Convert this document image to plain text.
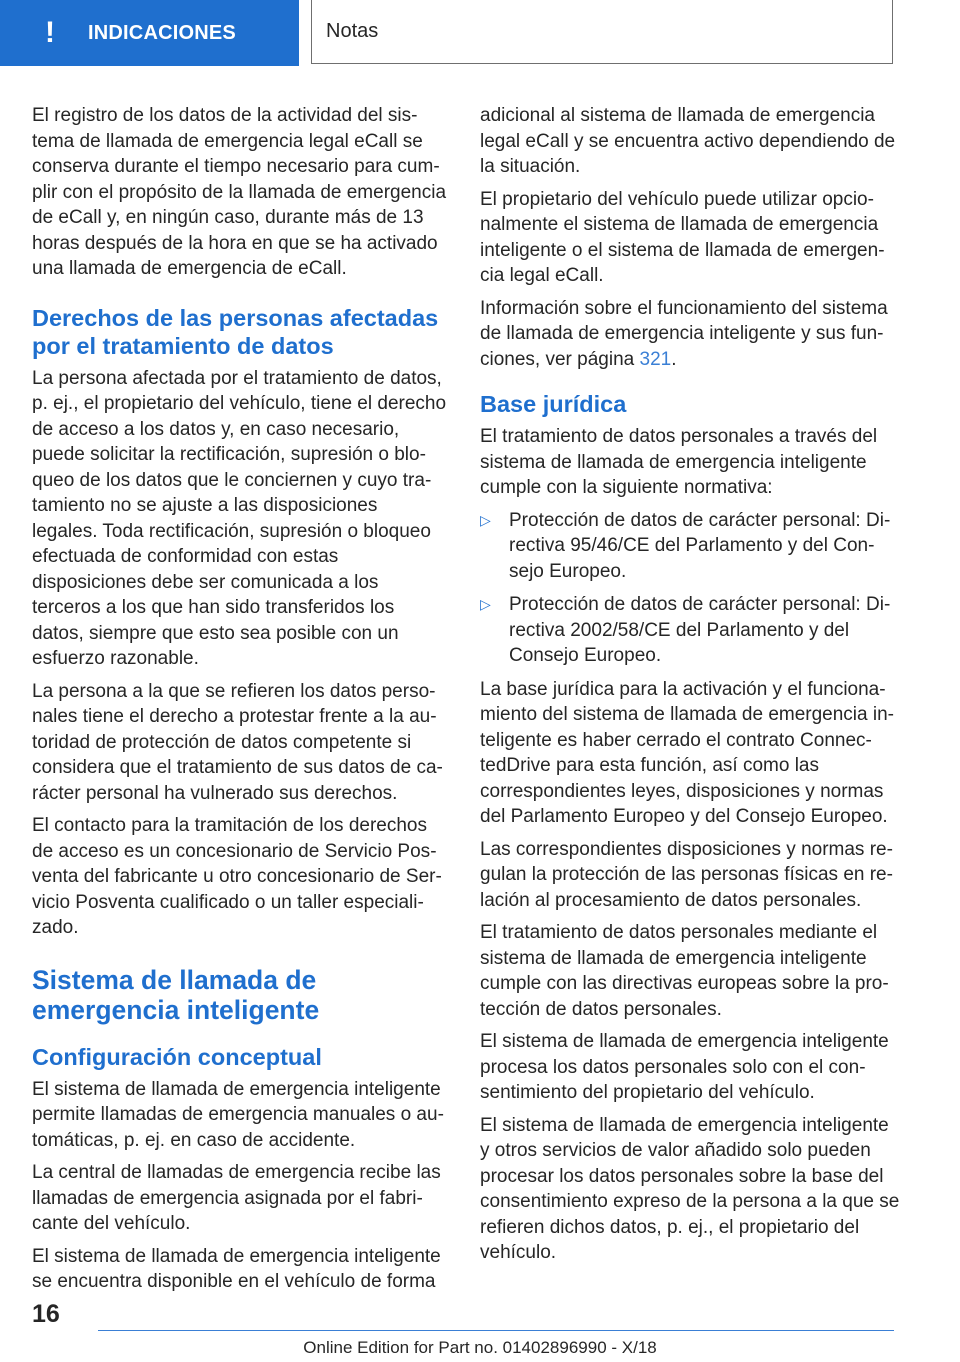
! INDICACIONES	Notas

El registro de los datos de la actividad del sistema de llamada de emergencia legal eCall se conserva durante el tiempo necesario para cumplir con el propósito de la llamada de emergencia de eCall y, en ningún caso, durante más de 13 horas después de la hora en que se ha activado una llamada de emergencia de eCall.

Derechos de las personas afectadas por el tratamiento de datos

La persona afectada por el tratamiento de datos, p. ej., el propietario del vehículo, tiene el derecho de acceso a los datos y, en caso necesario, puede solicitar la rectificación, supresión o bloqueo de los datos que le conciernen y cuyo tratamiento no se ajuste a las disposiciones legales. Toda rectificación, supresión o bloqueo efectuada de conformidad con estas disposiciones debe ser comunicada a los terceros a los que han sido transferidos los datos, siempre que esto sea posible con un esfuerzo razonable.

La persona a la que se refieren los datos personales tiene el derecho a protestar frente a la autoridad de protección de datos competente si considera que el tratamiento de sus datos de carácter personal ha vulnerado sus derechos.

El contacto para la tramitación de los derechos de acceso es un concesionario de Servicio Posventa del fabricante u otro concesionario de Servicio Posventa cualificado o un taller especializado.

Sistema de llamada de emergencia inteligente
Configuración conceptual

El sistema de llamada de emergencia inteligente permite llamadas de emergencia manuales o automáticas, p. ej. en caso de accidente.

La central de llamadas de emergencia recibe las llamadas de emergencia asignada por el fabricante del vehículo.

El sistema de llamada de emergencia inteligente se encuentra disponible en el vehículo de forma

adicional al sistema de llamada de emergencia legal eCall y se encuentra activo dependiendo de la situación.

El propietario del vehículo puede utilizar opcionalmente el sistema de llamada de emergencia inteligente o el sistema de llamada de emergencia legal eCall.

Información sobre el funcionamiento del sistema de llamada de emergencia inteligente y sus funciones, ver página 321.

Base jurídica

El tratamiento de datos personales a través del sistema de llamada de emergencia inteligente cumple con la siguiente normativa:

▷ Protección de datos de carácter personal: Directiva 95/46/CE del Parlamento y del Consejo Europeo.
▷ Protección de datos de carácter personal: Directiva 2002/58/CE del Parlamento y del Consejo Europeo.

La base jurídica para la activación y el funcionamiento del sistema de llamada de emergencia inteligente es haber cerrado el contrato ConnectedDrive para esta función, así como las correspondientes leyes, disposiciones y normas del Parlamento Europeo y del Consejo Europeo.

Las correspondientes disposiciones y normas regulan la protección de las personas físicas en relación al procesamiento de datos personales.

El tratamiento de datos personales mediante el sistema de llamada de emergencia inteligente cumple con las directivas europeas sobre la protección de datos personales.

El sistema de llamada de emergencia inteligente procesa los datos personales solo con el consentimiento del propietario del vehículo.

El sistema de llamada de emergencia inteligente y otros servicios de valor añadido solo pueden procesar los datos personales sobre la base del consentimiento expreso de la persona a la que se refieren dichos datos, p. ej., el propietario del vehículo.

16
Online Edition for Part no. 01402896990 - X/18
